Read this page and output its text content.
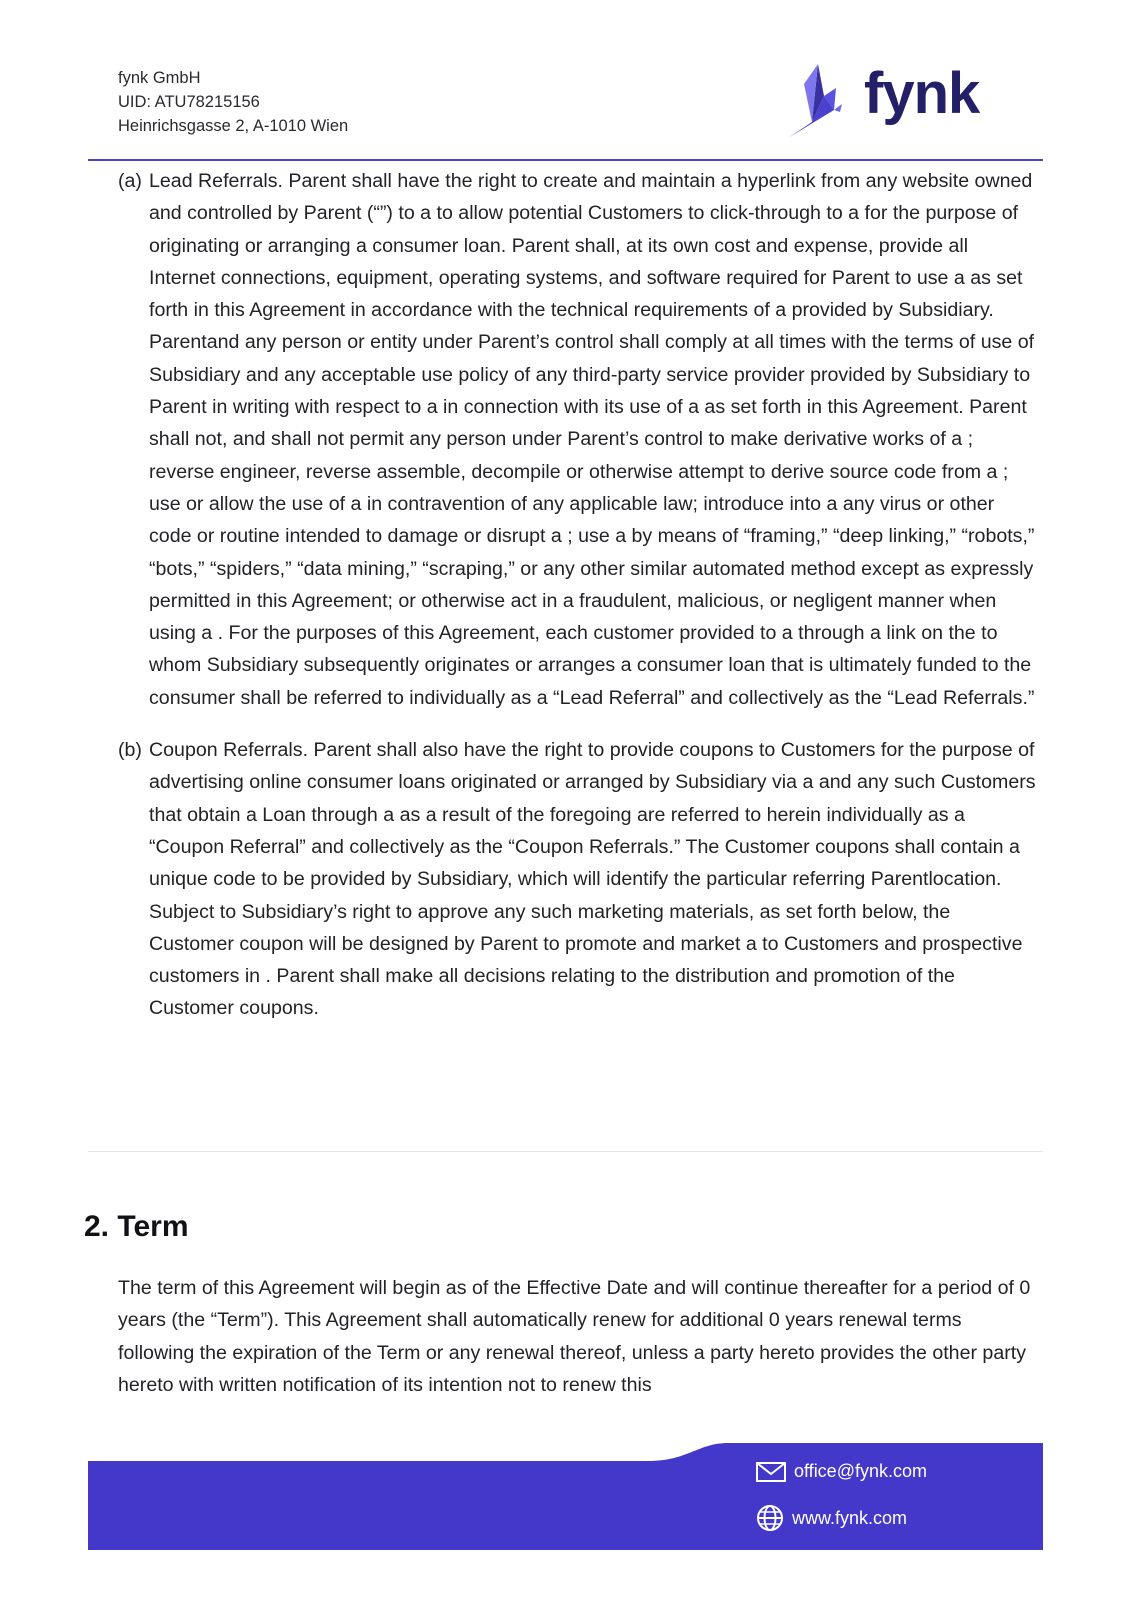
fynk GmbH
UID: ATU78215156
Heinrichsgasse 2, A-1010 Wien	fynk
(a) Lead Referrals. Parent shall have the right to create and maintain a hyperlink from any website owned and controlled by Parent (“”) to a to allow potential Customers to click-through to a for the purpose of originating or arranging a consumer loan. Parent shall, at its own cost and expense, provide all Internet connections, equipment, operating systems, and software required for Parent to use a as set forth in this Agreement in accordance with the technical requirements of a provided by Subsidiary. Parentand any person or entity under Parent’s control shall comply at all times with the terms of use of Subsidiary and any acceptable use policy of any third-party service provider provided by Subsidiary to Parent in writing with respect to a in connection with its use of a as set forth in this Agreement. Parent shall not, and shall not permit any person under Parent’s control to make derivative works of a ; reverse engineer, reverse assemble, decompile or otherwise attempt to derive source code from a ; use or allow the use of a in contravention of any applicable law; introduce into a any virus or other code or routine intended to damage or disrupt a ; use a by means of “framing,” “deep linking,” “robots,” “bots,” “spiders,” “data mining,” “scraping,” or any other similar automated method except as expressly permitted in this Agreement; or otherwise act in a fraudulent, malicious, or negligent manner when using a . For the purposes of this Agreement, each customer provided to a through a link on the to whom Subsidiary subsequently originates or arranges a consumer loan that is ultimately funded to the consumer shall be referred to individually as a “Lead Referral” and collectively as the “Lead Referrals.”
(b) Coupon Referrals. Parent shall also have the right to provide coupons to Customers for the purpose of advertising online consumer loans originated or arranged by Subsidiary via a and any such Customers that obtain a Loan through a as a result of the foregoing are referred to herein individually as a “Coupon Referral” and collectively as the “Coupon Referrals.” The Customer coupons shall contain a unique code to be provided by Subsidiary, which will identify the particular referring Parentlocation. Subject to Subsidiary’s right to approve any such marketing materials, as set forth below, the Customer coupon will be designed by Parent to promote and market a to Customers and prospective customers in . Parent shall make all decisions relating to the distribution and promotion of the Customer coupons.
2. Term

The term of this Agreement will begin as of the Effective Date and will continue thereafter for a period of 0 years (the “Term”). This Agreement shall automatically renew for additional 0 years renewal terms following the expiration of the Term or any renewal thereof, unless a party hereto provides the other party hereto with written notification of its intention not to renew this

office@fynk.com
www.fynk.com
